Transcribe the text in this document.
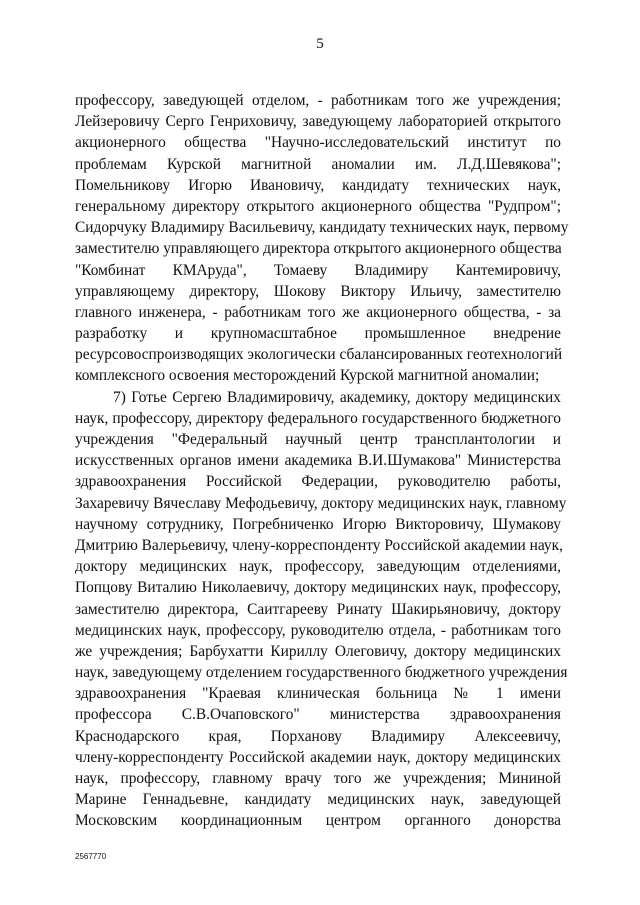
5
профессору, заведующей отделом, - работникам того же учреждения;
Лейзеровичу Серго Генриховичу, заведующему лабораторией открытого
акционерного общества "Научно-исследовательский институт по
проблемам Курской магнитной аномалии им. Л.Д.Шевякова";
Помельникову Игорю Ивановичу, кандидату технических наук,
генеральному директору открытого акционерного общества "Рудпром";
Сидорчуку Владимиру Васильевичу, кандидату технических наук, первому
заместителю управляющего директора открытого акционерного общества
"Комбинат КМАруда", Томаеву Владимиру Кантемировичу,
управляющему директору, Шокову Виктору Ильичу, заместителю
главного инженера, - работникам того же акционерного общества, - за
разработку и крупномасштабное промышленное внедрение
ресурсовоспроизводящих экологически сбалансированных геотехнологий
комплексного освоения месторождений Курской магнитной аномалии;
7) Готье Сергею Владимировичу, академику, доктору медицинских
наук, профессору, директору федерального государственного бюджетного
учреждения "Федеральный научный центр трансплантологии и
искусственных органов имени академика В.И.Шумакова" Министерства
здравоохранения Российской Федерации, руководителю работы,
Захаревичу Вячеславу Мефодьевичу, доктору медицинских наук, главному
научному сотруднику, Погребниченко Игорю Викторовичу, Шумакову
Дмитрию Валерьевичу, члену-корреспонденту Российской академии наук,
доктору медицинских наук, профессору, заведующим отделениями,
Попцову Виталию Николаевичу, доктору медицинских наук, профессору,
заместителю директора, Саитгарееву Ринату Шакирьяновичу, доктору
медицинских наук, профессору, руководителю отдела, - работникам того
же учреждения; Барбухатти Кириллу Олеговичу, доктору медицинских
наук, заведующему отделением государственного бюджетного учреждения
здравоохранения "Краевая клиническая больница № 1 имени
профессора С.В.Очаповского" министерства здравоохранения
Краснодарского края, Порханову Владимиру Алексеевичу,
члену-корреспонденту Российской академии наук, доктору медицинских
наук, профессору, главному врачу того же учреждения; Мининой
Марине Геннадьевне, кандидату медицинских наук, заведующей
Московским координационным центром органного донорства
2567770
